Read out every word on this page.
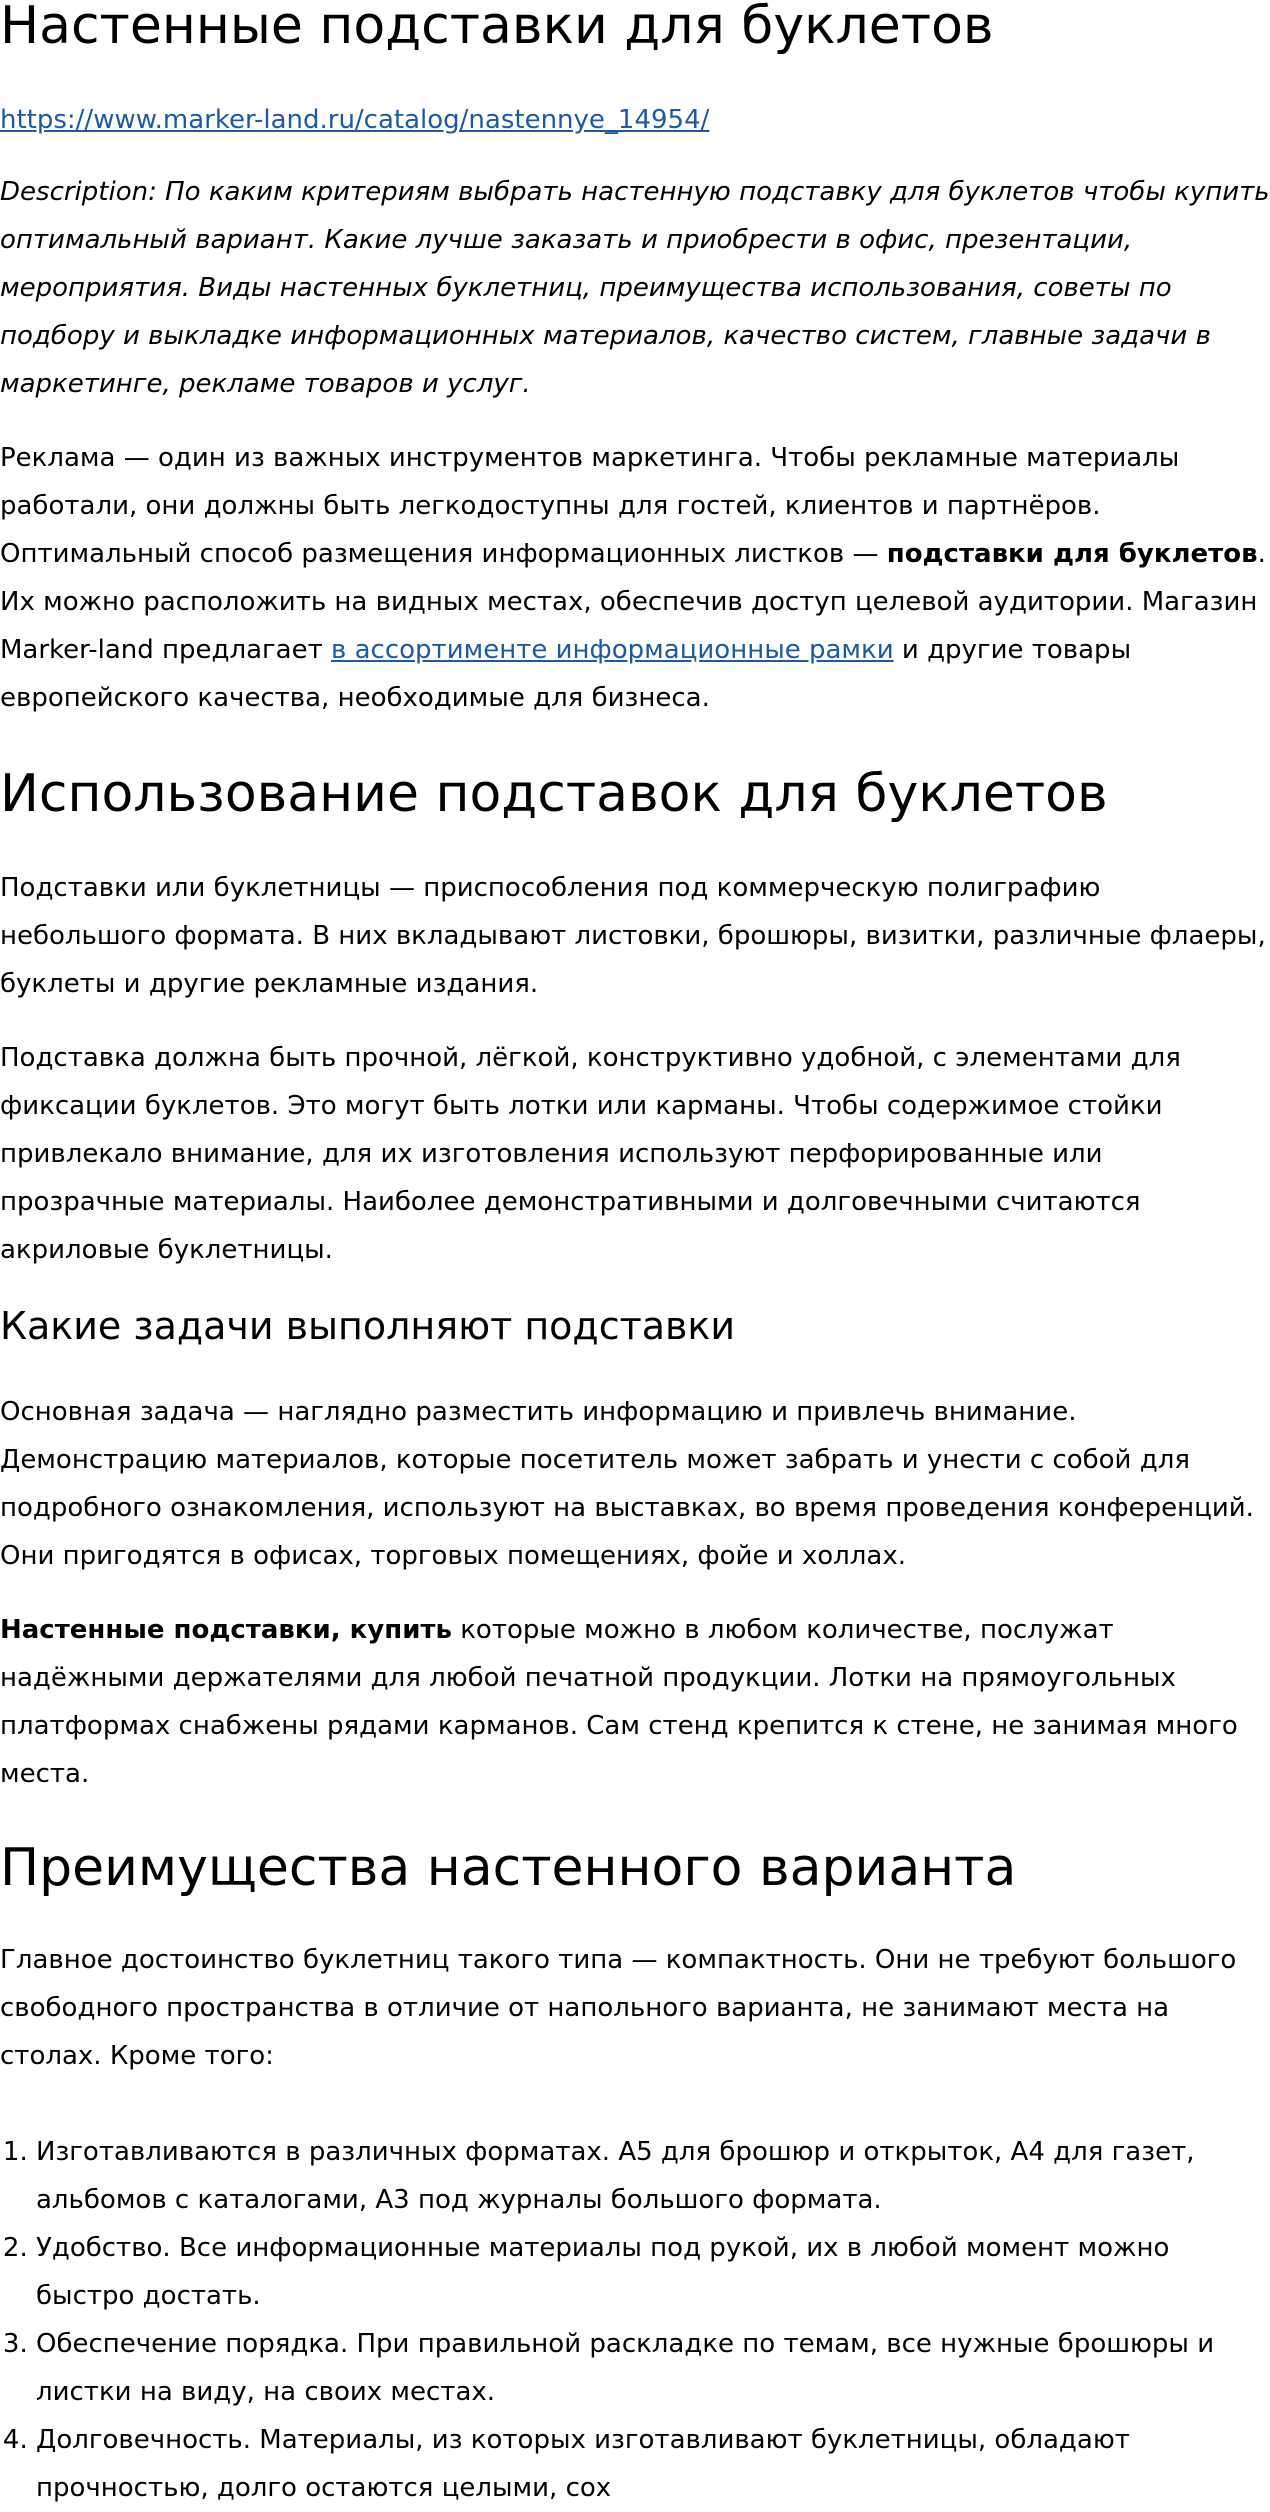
Настенные подставки для буклетов

https://www.marker-land.ru/catalog/nastennye_14954/

Description: По каким критериям выбрать настенную подставку для буклетов чтобы купить оптимальный вариант. Какие лучше заказать и приобрести в офис, презентации, мероприятия. Виды настенных буклетниц, преимущества использования, советы по подбору и выкладке информационных материалов, качество систем, главные задачи в маркетинге, рекламе товаров и услуг.

Реклама — один из важных инструментов маркетинга. Чтобы рекламные материалы работали, они должны быть легкодоступны для гостей, клиентов и партнёров. Оптимальный способ размещения информационных листков — подставки для буклетов. Их можно расположить на видных местах, обеспечив доступ целевой аудитории. Магазин Marker-land предлагает в ассортименте информационные рамки и другие товары европейского качества, необходимые для бизнеса.

Использование подставок для буклетов

Подставки или буклетницы — приспособления под коммерческую полиграфию небольшого формата. В них вкладывают листовки, брошюры, визитки, различные флаеры, буклеты и другие рекламные издания.

Подставка должна быть прочной, лёгкой, конструктивно удобной, с элементами для фиксации буклетов. Это могут быть лотки или карманы. Чтобы содержимое стойки привлекало внимание, для их изготовления используют перфорированные или прозрачные материалы. Наиболее демонстративными и долговечными считаются акриловые буклетницы.

Какие задачи выполняют подставки

Основная задача — наглядно разместить информацию и привлечь внимание. Демонстрацию материалов, которые посетитель может забрать и унести с собой для подробного ознакомления, используют на выставках, во время проведения конференций. Они пригодятся в офисах, торговых помещениях, фойе и холлах.

Настенные подставки, купить которые можно в любом количестве, послужат надёжными держателями для любой печатной продукции. Лотки на прямоугольных платформах снабжены рядами карманов. Сам стенд крепится к стене, не занимая много места.

Преимущества настенного варианта

Главное достоинство буклетниц такого типа — компактность. Они не требуют большого свободного пространства в отличие от напольного варианта, не занимают места на столах. Кроме того:

1. Изготавливаются в различных форматах. А5 для брошюр и открыток, А4 для газет, альбомов с каталогами, А3 под журналы большого формата.
2. Удобство. Все информационные материалы под рукой, их в любой момент можно быстро достать.
3. Обеспечение порядка. При правильной раскладке по темам, все нужные брошюры и листки на виду, на своих местах.
4. Долговечность. Материалы, из которых изготавливают буклетницы, обладают прочностью, долго остаются целыми, сох
